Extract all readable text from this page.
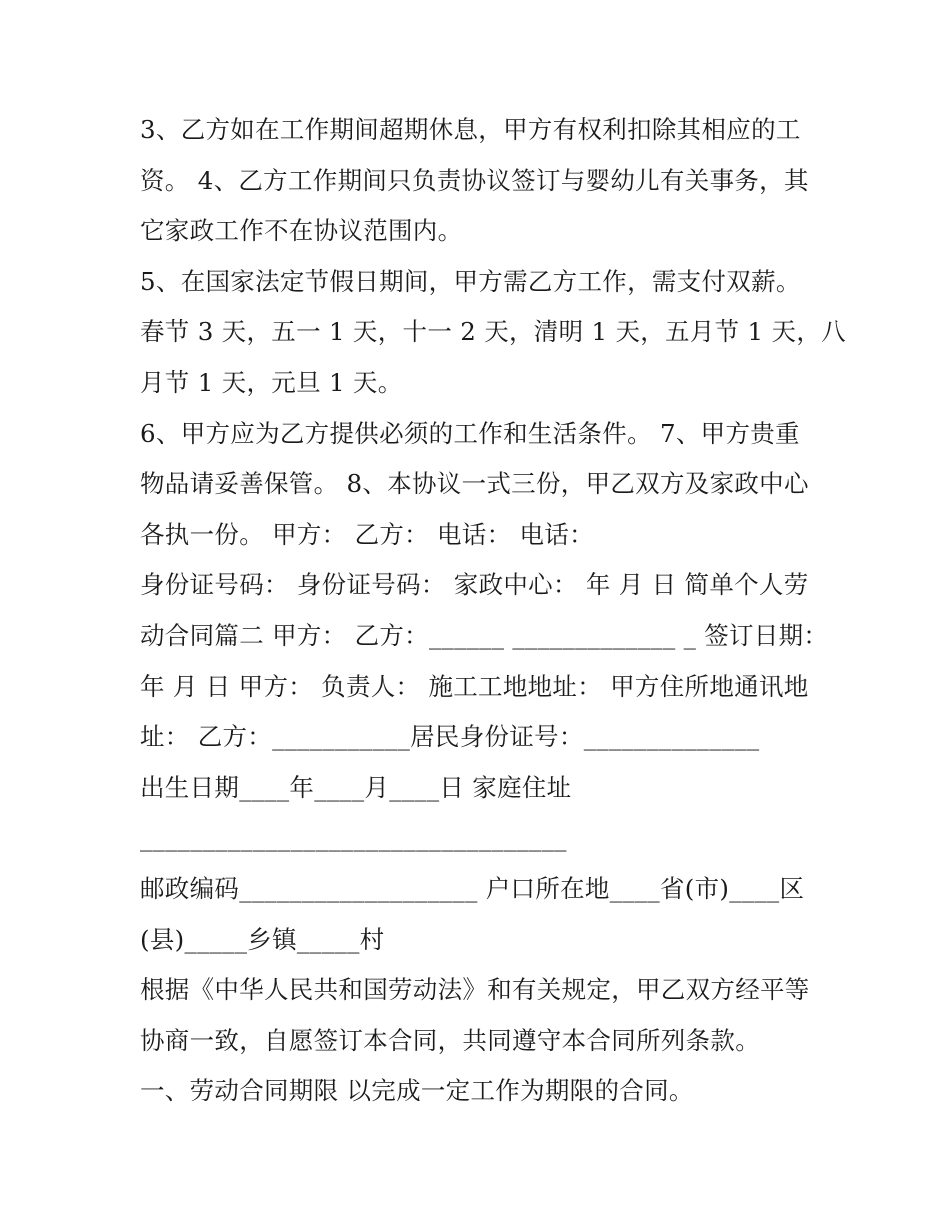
3、乙方如在工作期间超期休息，甲方有权利扣除其相应的工
资。 4、乙方工作期间只负责协议签订与婴幼儿有关事务，其
它家政工作不在协议范围内。
5、在国家法定节假日期间，甲方需乙方工作，需支付双薪。
春节 3 天，五一 1 天，十一 2 天，清明 1 天，五月节 1 天，八
月节 1 天，元旦 1 天。
6、甲方应为乙方提供必须的工作和生活条件。 7、甲方贵重
物品请妥善保管。 8、本协议一式三份，甲乙双方及家政中心
各执一份。 甲方： 乙方： 电话： 电话：
身份证号码： 身份证号码： 家政中心： 年 月 日 简单个人劳
动合同篇二 甲方： 乙方：______ _____________ _ 签订日期：
年 月 日 甲方： 负责人： 施工工地地址： 甲方住所地通讯地
址： 乙方：___________居民身份证号：______________
出生日期____年____月____日 家庭住址
__________________________________
邮政编码___________________ 户口所在地____省(市)____区
(县)_____乡镇_____村
根据《中华人民共和国劳动法》和有关规定，甲乙双方经平等
协商一致，自愿签订本合同，共同遵守本合同所列条款。
一、劳动合同期限 以完成一定工作为期限的合同。
